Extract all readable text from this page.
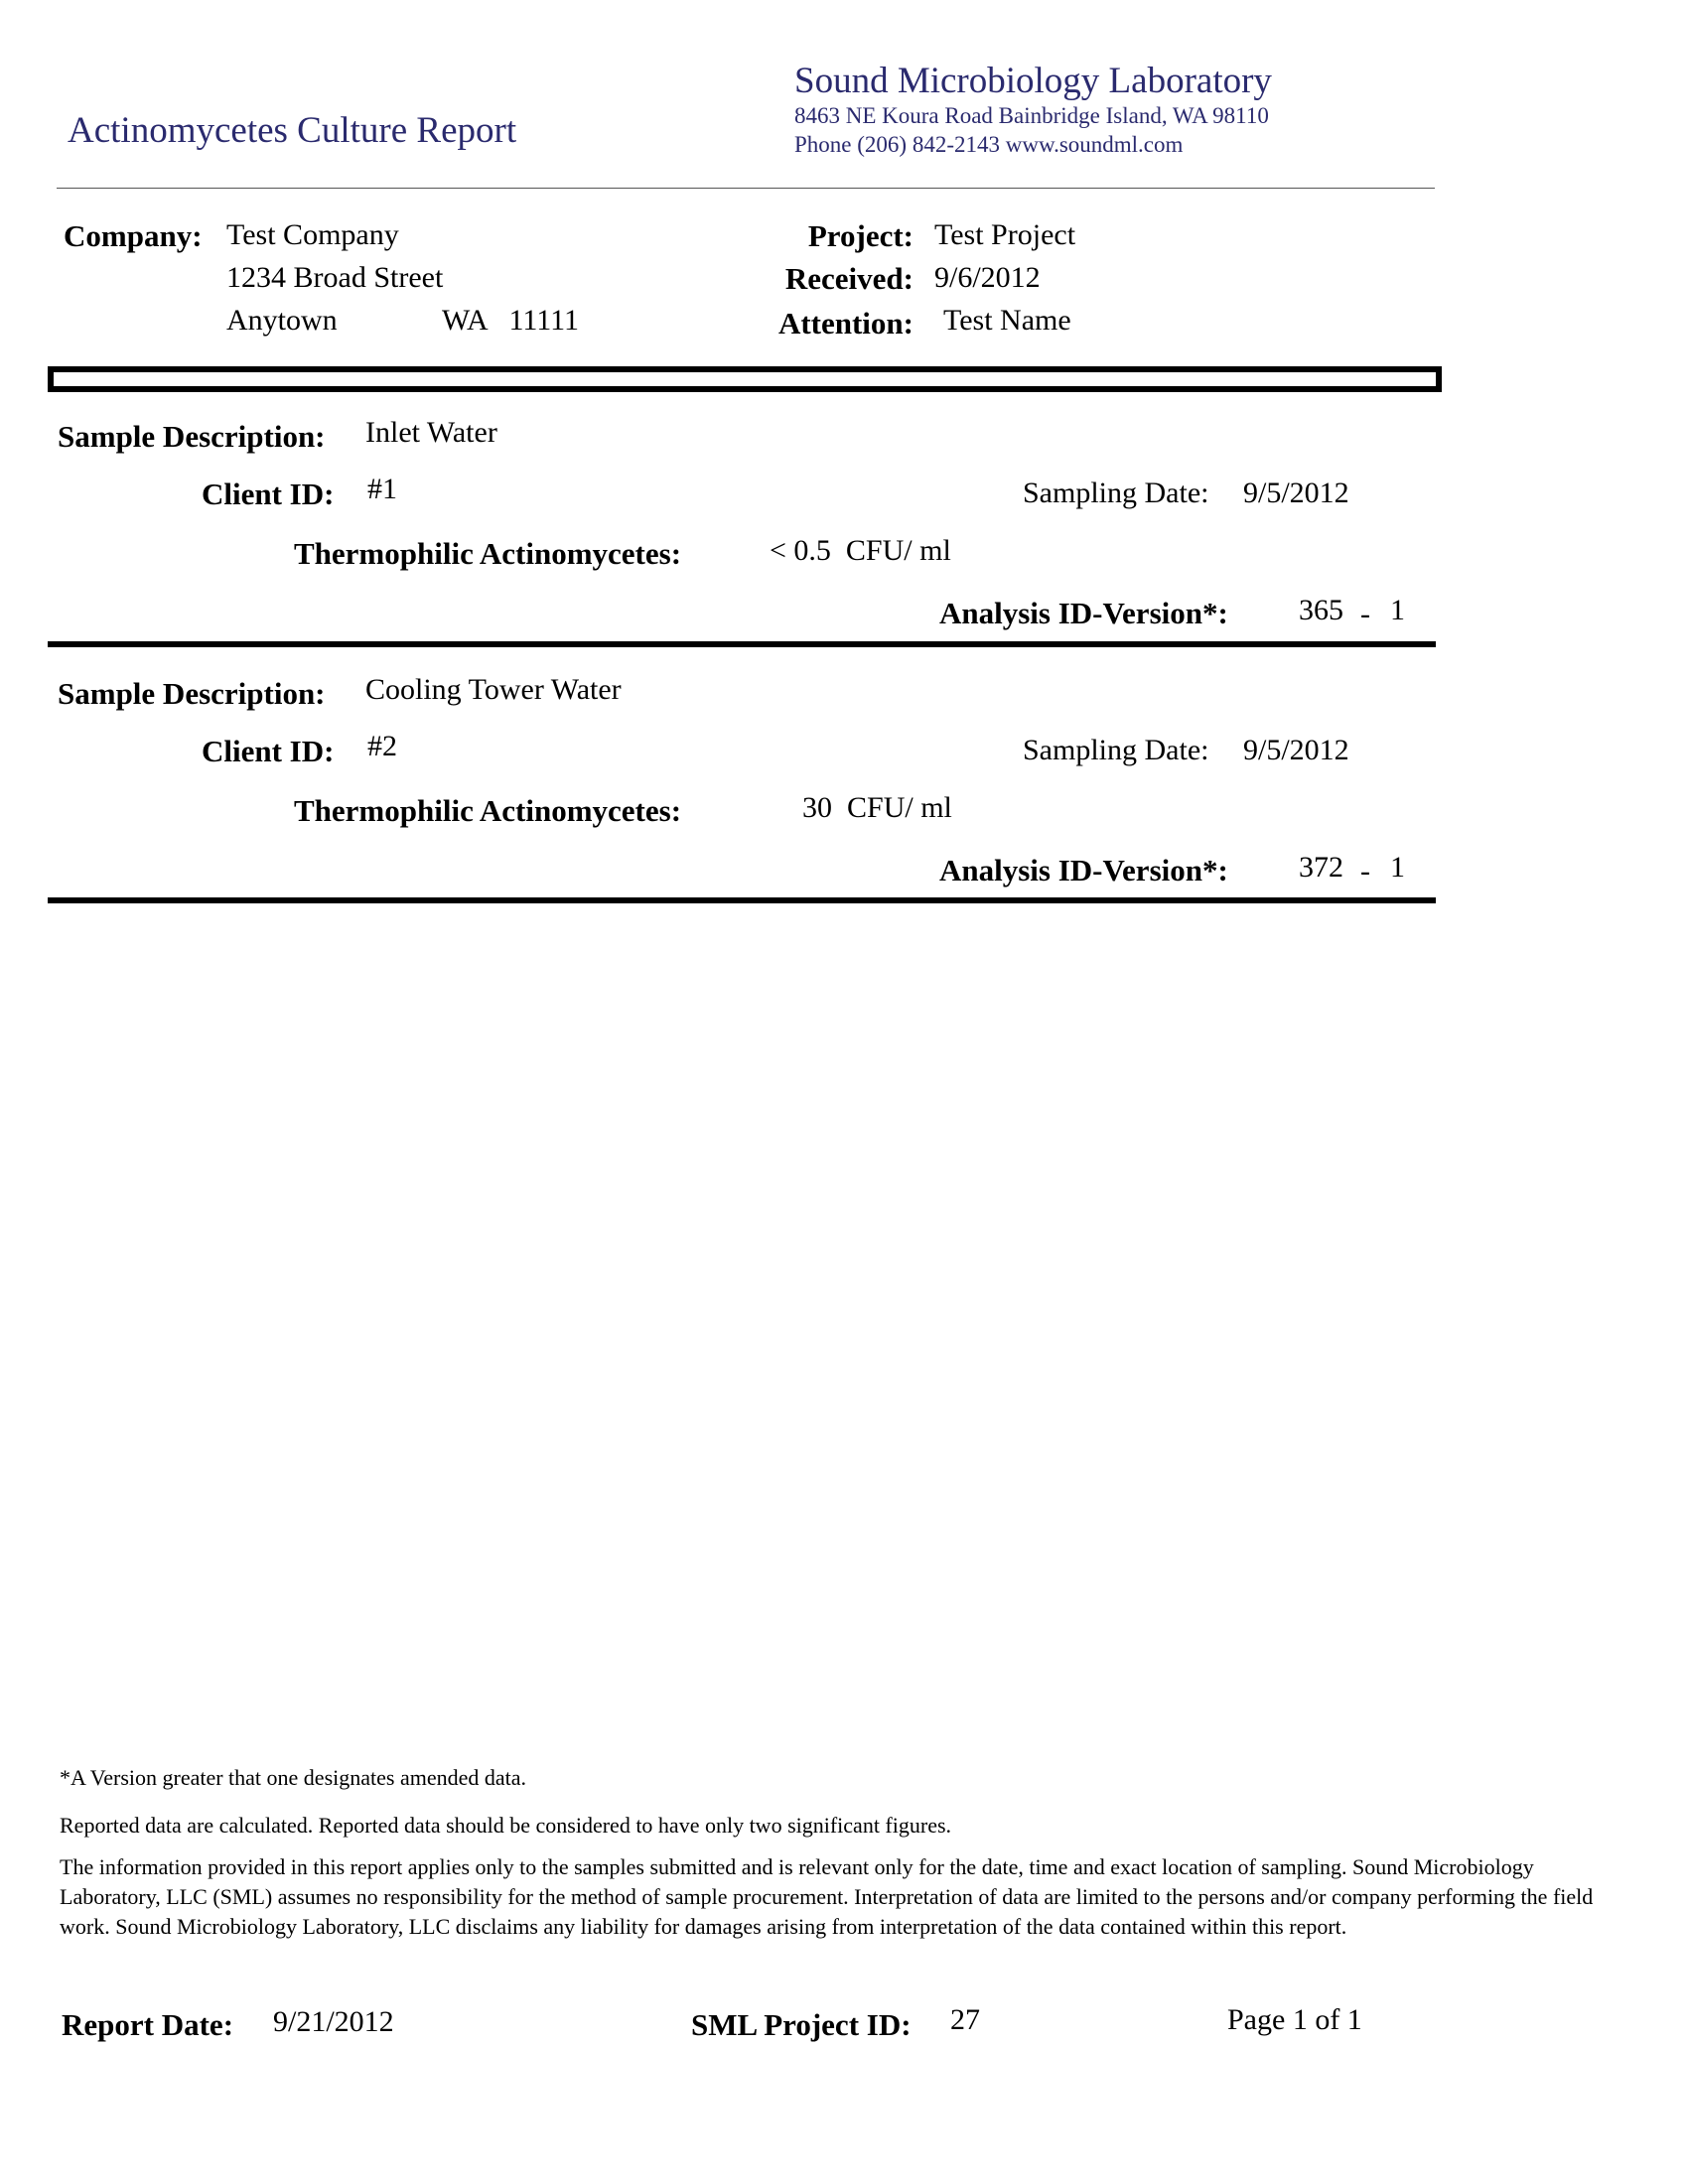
Actinomycetes Culture Report
Sound Microbiology Laboratory
8463 NE Koura Road Bainbridge Island, WA 98110
Phone (206) 842-2143 www.soundml.com
Company: Test Company
1234 Broad Street
Anytown	WA   11111
Project: Test Project
Received: 9/6/2012
Attention: Test Name
Sample Description: Inlet Water
Client ID: #1	Sampling Date: 9/5/2012
Thermophilic Actinomycetes:	< 0.5  CFU/ ml
Analysis ID-Version*: 365 - 1
Sample Description: Cooling Tower Water
Client ID: #2	Sampling Date: 9/5/2012
Thermophilic Actinomycetes:	30  CFU/ ml
Analysis ID-Version*: 372 - 1
*A Version greater that one designates amended data.
Reported data are calculated. Reported data should be considered to have only two significant figures.
The information provided in this report applies only to the samples submitted and is relevant only for the date, time and exact location of sampling. Sound Microbiology Laboratory, LLC (SML) assumes no responsibility for the method of sample procurement. Interpretation of data are limited to the persons and/or company performing the field work. Sound Microbiology Laboratory, LLC disclaims any liability for damages arising from interpretation of the data contained within this report.
Report Date: 9/21/2012	SML Project ID: 27	Page 1 of 1
